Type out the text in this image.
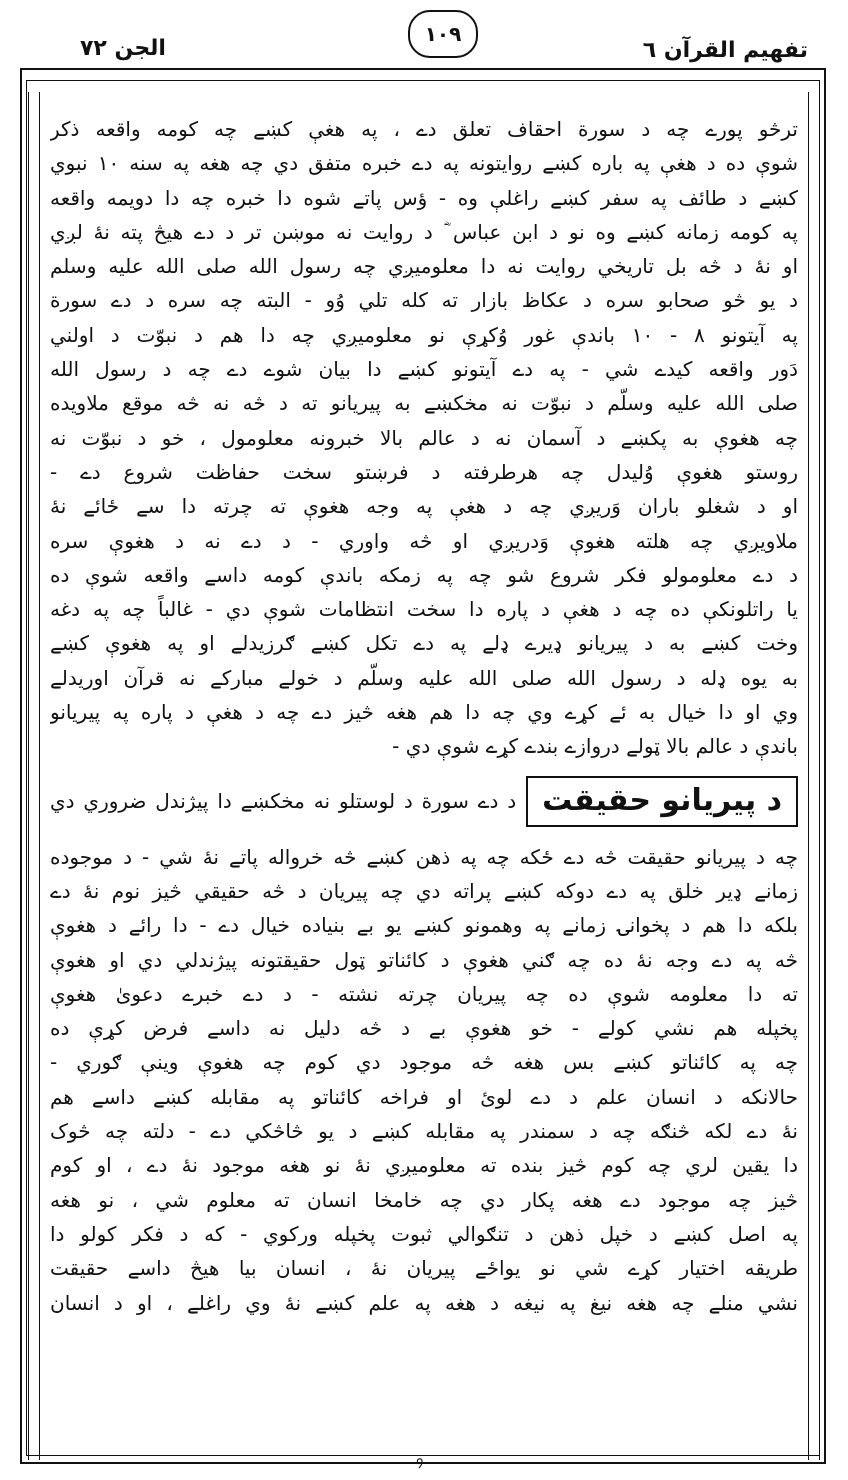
تفهيم القرآن ٦
١٠٩
الجن ٧٢
ترڅو پورے چه د سورة احقاف تعلق دے ، په هغې کښے چه کومه واقعه ذکر
شوې ده د هغې په باره کښے روايتونه په دے خبره متفق دي چه هغه په سنه ١٠ نبوي
کښے د طائف په سفر کښے راغلې وه - ؤس پاتے شوه دا خبره چه دا دويمه واقعه
په کومه زمانه کښے وه نو د ابن عباس ؓ د روايت نه موښن تر د دے هيڅ پته نۀ لږي
او نۀ د څه بل تاريخي روايت نه دا معلوميږي چه رسول الله صلی الله عليه وسلم
د يو څو صحابو سره د عکاظ بازار ته کله تلي وُو - البته چه سره د دے سورة
په آيتونو ٨ - ١٠ باندې غور وُکړې نو معلوميږي چه دا هم د نبوّت د اولني
دَور واقعه کيدے شي - په دے آيتونو کښے دا بيان شوے دے چه د رسول الله
صلی الله عليه وسلّم د نبوّت نه مخکښے به پيريانو ته د څه نه څه موقع ملاويده
چه هغوې به پکښے د آسمان نه د عالم بالا خبرونه معلومول ، خو د نبوّت نه
روستو هغوې وُليدل چه هرطرفته د فرښتو سخت حفاظت شروع دے -
او د شغلو باران وَريږي چه د هغې په وجه هغوې ته چرته دا سے ځائے نۀ
ملاويږي چه هلته هغوې وَدريږي او څه واوري - د دے نه د هغوې سره
د دے معلومولو فکر شروع شو چه په زمکه باندې کومه داسے واقعه شوې ده
يا راتلونکې ده چه د هغې د پاره دا سخت انتظامات شوې دي - غالباً چه په دغه
وخت کښے به د پيريانو ډيرے ډلے په دے تکل کښے ګرزيدلے او په هغوې کښے
به يوه ډله د رسول الله صلی الله عليه وسلّم د خولے مبارکے نه قرآن اوريدلے
وي او دا خيال به ئے کړے وي چه دا هم هغه څيز دے چه د هغې د پاره په پيريانو
باندې د عالم بالا ټولے دروازے بندے کړے شوې دي -
د پيريانو حقيقت
د دے سورة د لوستلو نه مخکښے دا پيژندل ضروري دي
چه د پيريانو حقيقت څه دے ځکه چه په ذهن کښے څه خرواله پاتے نۀ شي - د موجوده
زمانے ډير خلق په دے دوکه کښے پراته دي چه پيريان د څه حقيقي څيز نوم نۀ دے
بلکه دا هم د پخوانۍ زمانے په وهمونو کښے يو بے بنياده خيال دے - دا رائے د هغوې
څه په دے وجه نۀ ده چه ګني هغوې د کائناتو ټول حقيقتونه پيژندلي دي او هغوې
ته دا معلومه شوې ده چه پيريان چرته نشته - د دے خبرے دعوىٰ هغوې
پخپله هم نشي کولے - خو هغوې بے د څه دليل نه داسے فرض کړې ده
چه په کائناتو کښے بس هغه څه موجود دي کوم چه هغوې وينې ګوري -
حالانکه د انسان علم د دے لوئ او فراخه کائناتو په مقابله کښے داسے هم
نۀ دے لکه څنګه چه د سمندر په مقابله کښے د يو څاڅکي دے - دلته چه څوک
دا يقين لري چه کوم څيز بنده ته معلوميږي نۀ نو هغه موجود نۀ دے ، او کوم
څيز چه موجود دے هغه پکار دي چه خامخا انسان ته معلوم شي ، نو هغه
په اصل کښے د خپل ذهن د تنګوالي ثبوت پخپله ورکوي - که د فکر کولو دا
طريقه اختيار کړے شي نو يواځے پيريان نۀ ، انسان بيا هيڅ داسے حقيقت
نشي منلے چه هغه نيغ په نيغه د هغه په علم کښے نۀ وي راغلے ، او د انسان
᠀
